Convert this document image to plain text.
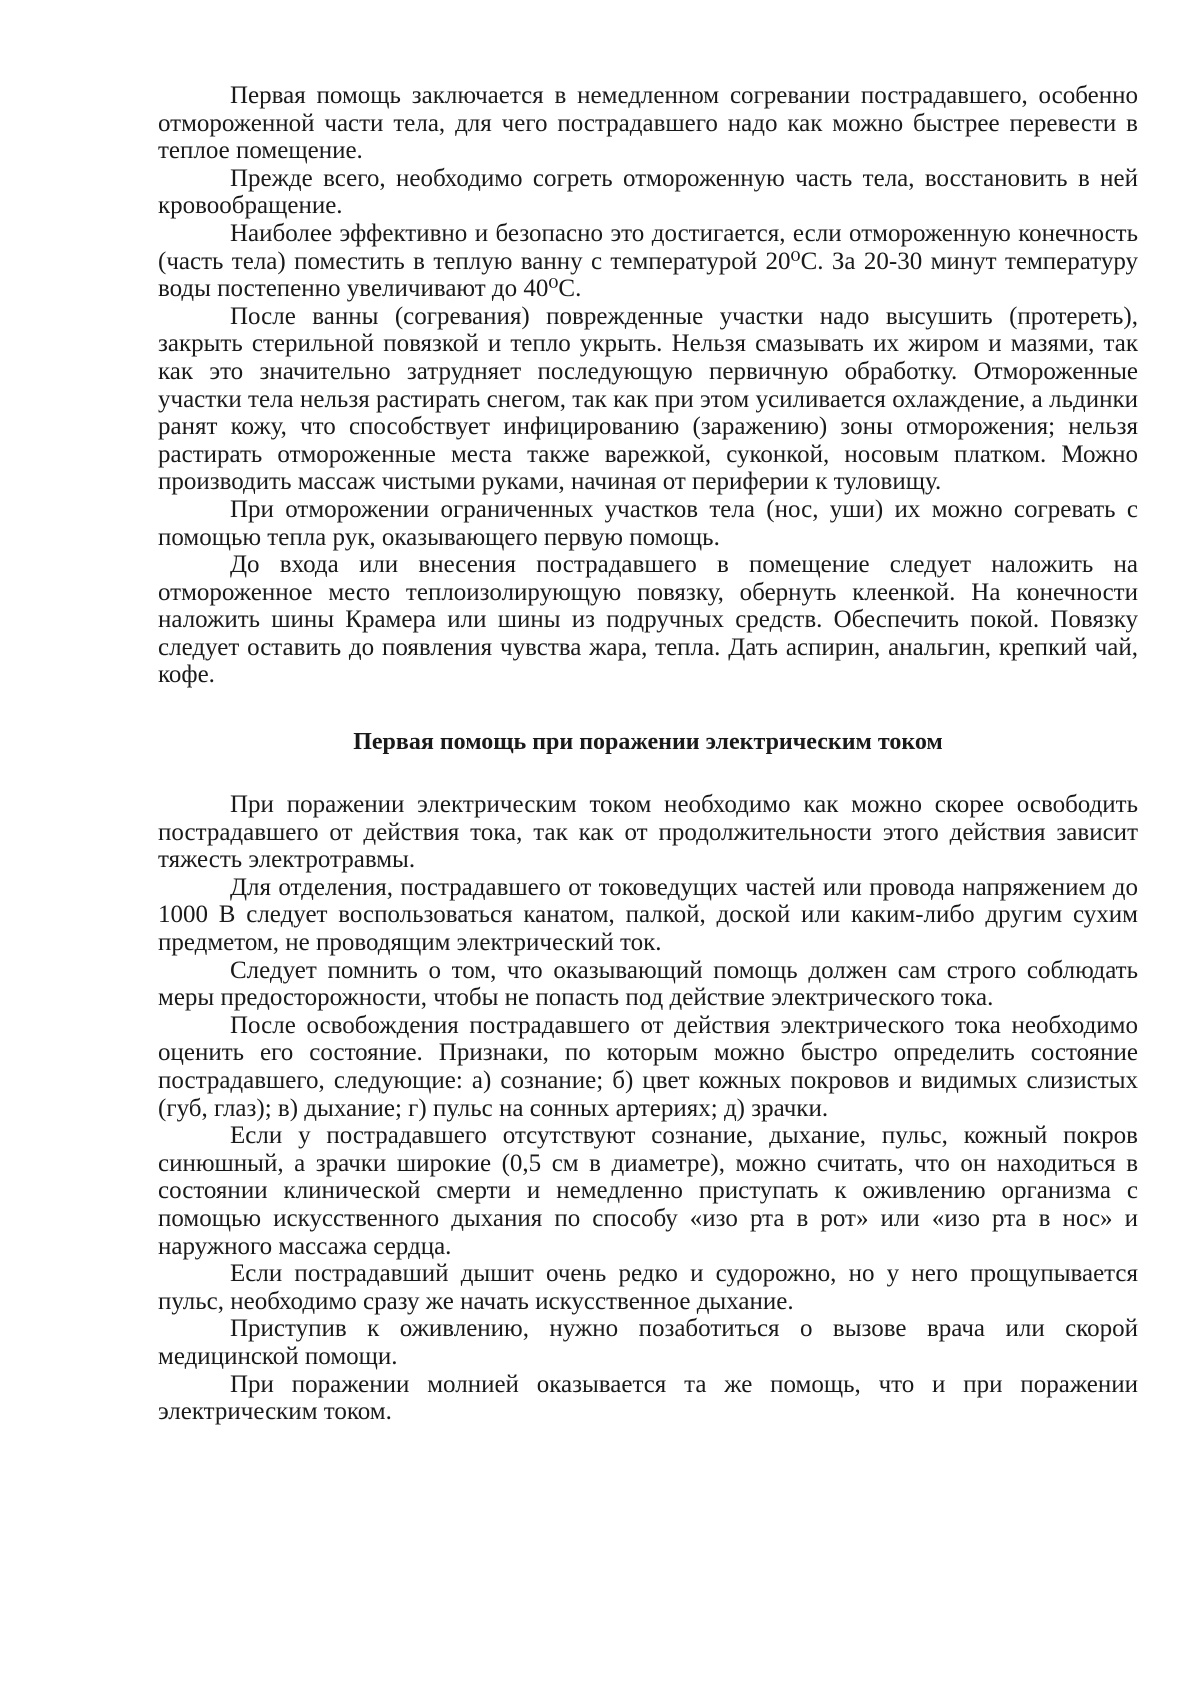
Первая помощь заключается в немедленном согревании пострадавшего, особенно отмороженной части тела, для чего пострадавшего надо как можно быстрее перевести в теплое помещение.

Прежде всего, необходимо согреть отмороженную часть тела, восстановить в ней кровообращение.

Наиболее эффективно и безопасно это достигается, если отмороженную конечность (часть тела) поместить в теплую ванну с температурой 20⁰С. За 20-30 минут температуру воды постепенно увеличивают до 40⁰С.

После ванны (согревания) поврежденные участки надо высушить (протереть), закрыть стерильной повязкой и тепло укрыть. Нельзя смазывать их жиром и мазями, так как это значительно затрудняет последующую первичную обработку. Отмороженные участки тела нельзя растирать снегом, так как при этом усиливается охлаждение, а льдинки ранят кожу, что способствует инфицированию (заражению) зоны отморожения; нельзя растирать отмороженные места также варежкой, суконкой, носовым платком. Можно производить массаж чистыми руками, начиная от периферии к туловищу.

При отморожении ограниченных участков тела (нос, уши) их можно согревать с помощью тепла рук, оказывающего первую помощь.

До входа или внесения пострадавшего в помещение следует наложить на отмороженное место теплоизолирующую повязку, обернуть клеенкой. На конечности наложить шины Крамера или шины из подручных средств. Обеспечить покой. Повязку следует оставить до появления чувства жара, тепла. Дать аспирин, анальгин, крепкий чай, кофе.

Первая помощь при поражении электрическим током

При поражении электрическим током необходимо как можно скорее освободить пострадавшего от действия тока, так как от продолжительности этого действия зависит тяжесть электротравмы.

Для отделения, пострадавшего от токоведущих частей или провода напряжением до 1000 В следует воспользоваться канатом, палкой, доской или каким-либо другим сухим предметом, не проводящим электрический ток.

Следует помнить о том, что оказывающий помощь должен сам строго соблюдать меры предосторожности, чтобы не попасть под действие электрического тока.

После освобождения пострадавшего от действия электрического тока необходимо оценить его состояние. Признаки, по которым можно быстро определить состояние пострадавшего, следующие: а) сознание; б) цвет кожных покровов и видимых слизистых (губ, глаз); в) дыхание; г) пульс на сонных артериях; д) зрачки.

Если у пострадавшего отсутствуют сознание, дыхание, пульс, кожный покров синюшный, а зрачки широкие (0,5 см в диаметре), можно считать, что он находиться в состоянии клинической смерти и немедленно приступать к оживлению организма с помощью искусственного дыхания по способу «изо рта в рот» или «изо рта в нос» и наружного массажа сердца.

Если пострадавший дышит очень редко и судорожно, но у него прощупывается пульс, необходимо сразу же начать искусственное дыхание.

Приступив к оживлению, нужно позаботиться о вызове врача или скорой медицинской помощи.

При поражении молнией оказывается та же помощь, что и при поражении электрическим током.
